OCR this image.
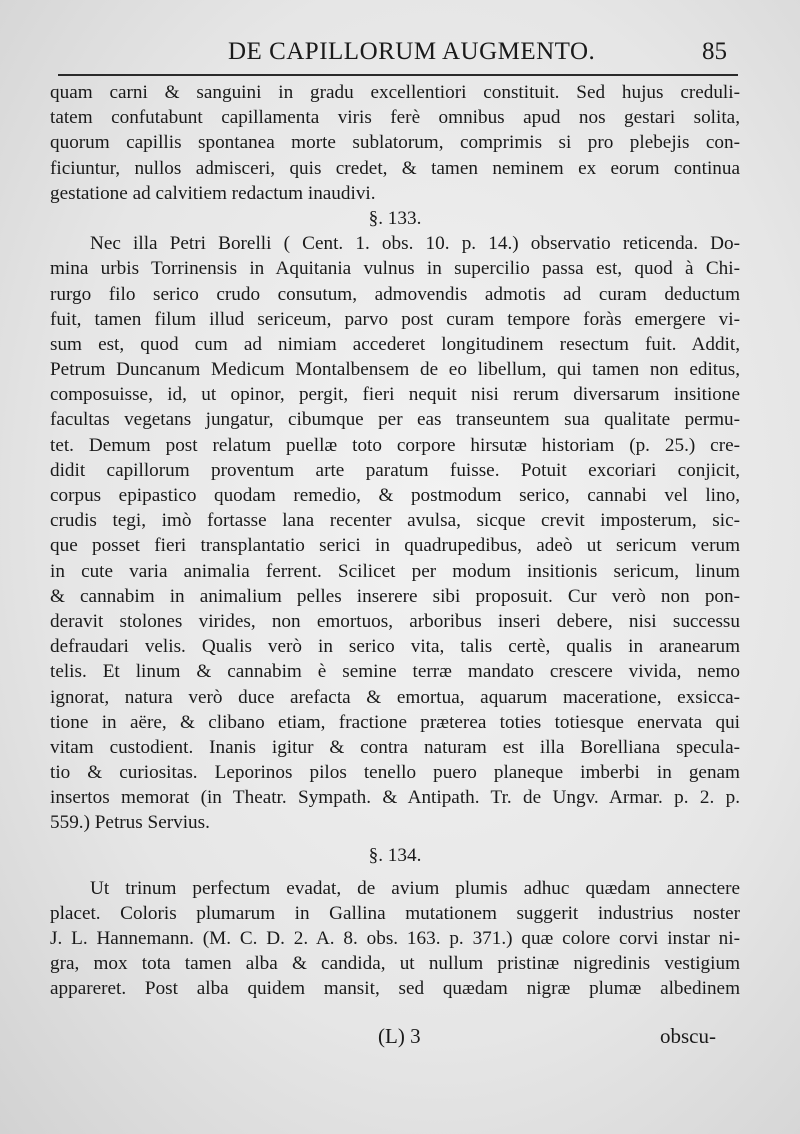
DE CAPILLORUM AUGMENTO.	85
quam carni & sanguini in gradu excellentiori constituit. Sed hujus creduli-
tatem confutabunt capillamenta viris ferè omnibus apud nos gestari solita,
quorum capillis spontanea morte sublatorum, comprimis si pro plebejis con-
ficiuntur, nullos admisceri, quis credet, & tamen neminem ex eorum continua
gestatione ad calvitiem redactum inaudivi.
§. 133.
Nec illa Petri Borelli ( Cent. 1. obs. 10. p. 14.) observatio reticenda. Do-
mina urbis Torrinensis in Aquitania vulnus in supercilio passa est, quod à Chi-
rurgo filo serico crudo consutum, admovendis admotis ad curam deductum
fuit, tamen filum illud sericeum, parvo post curam tempore foràs emergere vi-
sum est, quod cum ad nimiam accederet longitudinem resectum fuit. Addit,
Petrum Duncanum Medicum Montalbensem de eo libellum, qui tamen non editus,
composuisse, id, ut opinor, pergit, fieri nequit nisi rerum diversarum insitione
facultas vegetans jungatur, cibumque per eas transeuntem sua qualitate permu-
tet. Demum post relatum puellæ toto corpore hirsutæ historiam (p. 25.) cre-
didit capillorum proventum arte paratum fuisse. Potuit excoriari conjicit,
corpus epipastico quodam remedio, & postmodum serico, cannabi vel lino,
crudis tegi, imò fortasse lana recenter avulsa, sicque crevit imposterum, sic-
que posset fieri transplantatio serici in quadrupedibus, adeò ut sericum verum
in cute varia animalia ferrent. Scilicet per modum insitionis sericum, linum
& cannabim in animalium pelles inserere sibi proposuit. Cur verò non pon-
deravit stolones virides, non emortuos, arboribus inseri debere, nisi successu
defraudari velis. Qualis verò in serico vita, talis certè, qualis in aranearum
telis. Et linum & cannabim è semine terræ mandato crescere vivida, nemo
ignorat, natura verò duce arefacta & emortua, aquarum maceratione, exsicca-
tione in aëre, & clibano etiam, fractione præterea toties totiesque enervata qui
vitam custodient. Inanis igitur & contra naturam est illa Borelliana specula-
tio & curiositas. Leporinos pilos tenello puero planeque imberbi in genam
insertos memorat (in Theatr. Sympath. & Antipath. Tr. de Ungv. Armar. p. 2. p.
559.) Petrus Servius.
§. 134.
Ut trinum perfectum evadat, de avium plumis adhuc quædam annectere
placet. Coloris plumarum in Gallina mutationem suggerit industrius noster
J. L. Hannemann. (M. C. D. 2. A. 8. obs. 163. p. 371.) quæ colore corvi instar ni-
gra, mox tota tamen alba & candida, ut nullum pristinæ nigredinis vestigium
appareret. Post alba quidem mansit, sed quædam nigræ plumæ albedinem
(L) 3	obscu-
